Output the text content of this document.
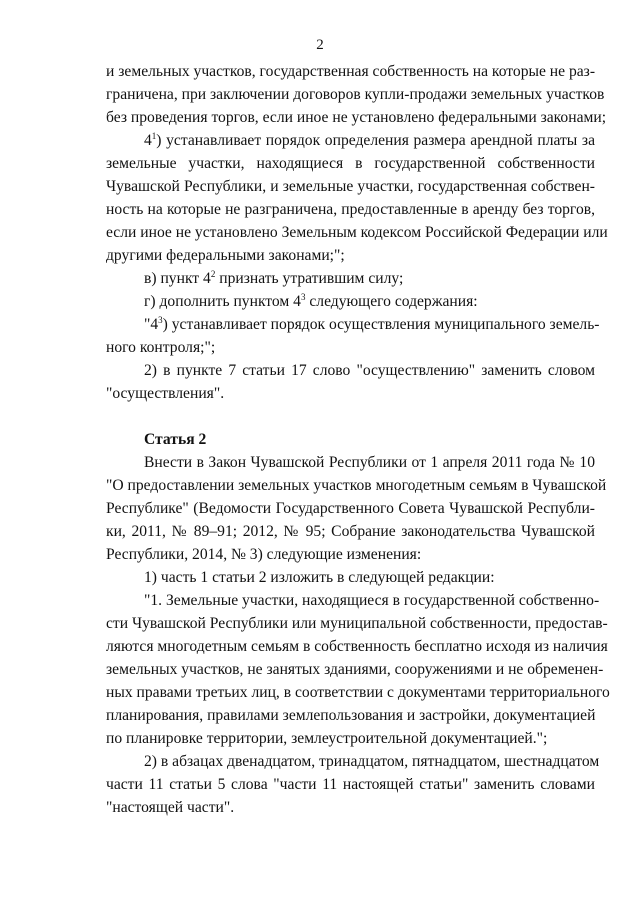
2

и земельных участков, государственная собственность на которые не раз-

граничена, при заключении договоров купли-продажи земельных участков

без проведения торгов, если иное не установлено федеральными законами;

$4^1$) устанавливает порядок определения размера арендной платы за

земельные участки, находящиеся в государственной собственности

Чувашской Республики, и земельные участки, государственная собствен-

ность на которые не разграничена, предоставленные в аренду без торгов,

если иное не установлено Земельным кодексом Российской Федерации или

другими федеральными законами;";

в) пункт $4^2$ признать утратившим силу;

г) дополнить пунктом $4^3$ следующего содержания:

"$4^3$) устанавливает порядок осуществления муниципального земель-

ного контроля;";

2) в пункте 7 статьи 17 слово "осуществлению" заменить словом

"осуществления".

Статья 2

Внести в Закон Чувашской Республики от 1 апреля 2011 года № 10

"О предоставлении земельных участков многодетным семьям в Чувашской

Республике" (Ведомости Государственного Совета Чувашской Республи-

ки, 2011, № 89–91; 2012, № 95; Собрание законодательства Чувашской

Республики, 2014, № 3) следующие изменения:

1) часть 1 статьи 2 изложить в следующей редакции:

"1. Земельные участки, находящиеся в государственной собственно-

сти Чувашской Республики или муниципальной собственности, предостав-

ляются многодетным семьям в собственность бесплатно исходя из наличия

земельных участков, не занятых зданиями, сооружениями и не обременен-

ных правами третьих лиц, в соответствии с документами территориального

планирования, правилами землепользования и застройки, документацией

по планировке территории, землеустроительной документацией.";

2) в абзацах двенадцатом, тринадцатом, пятнадцатом, шестнадцатом

части 11 статьи 5 слова "части 11 настоящей статьи" заменить словами

"настоящей части".
